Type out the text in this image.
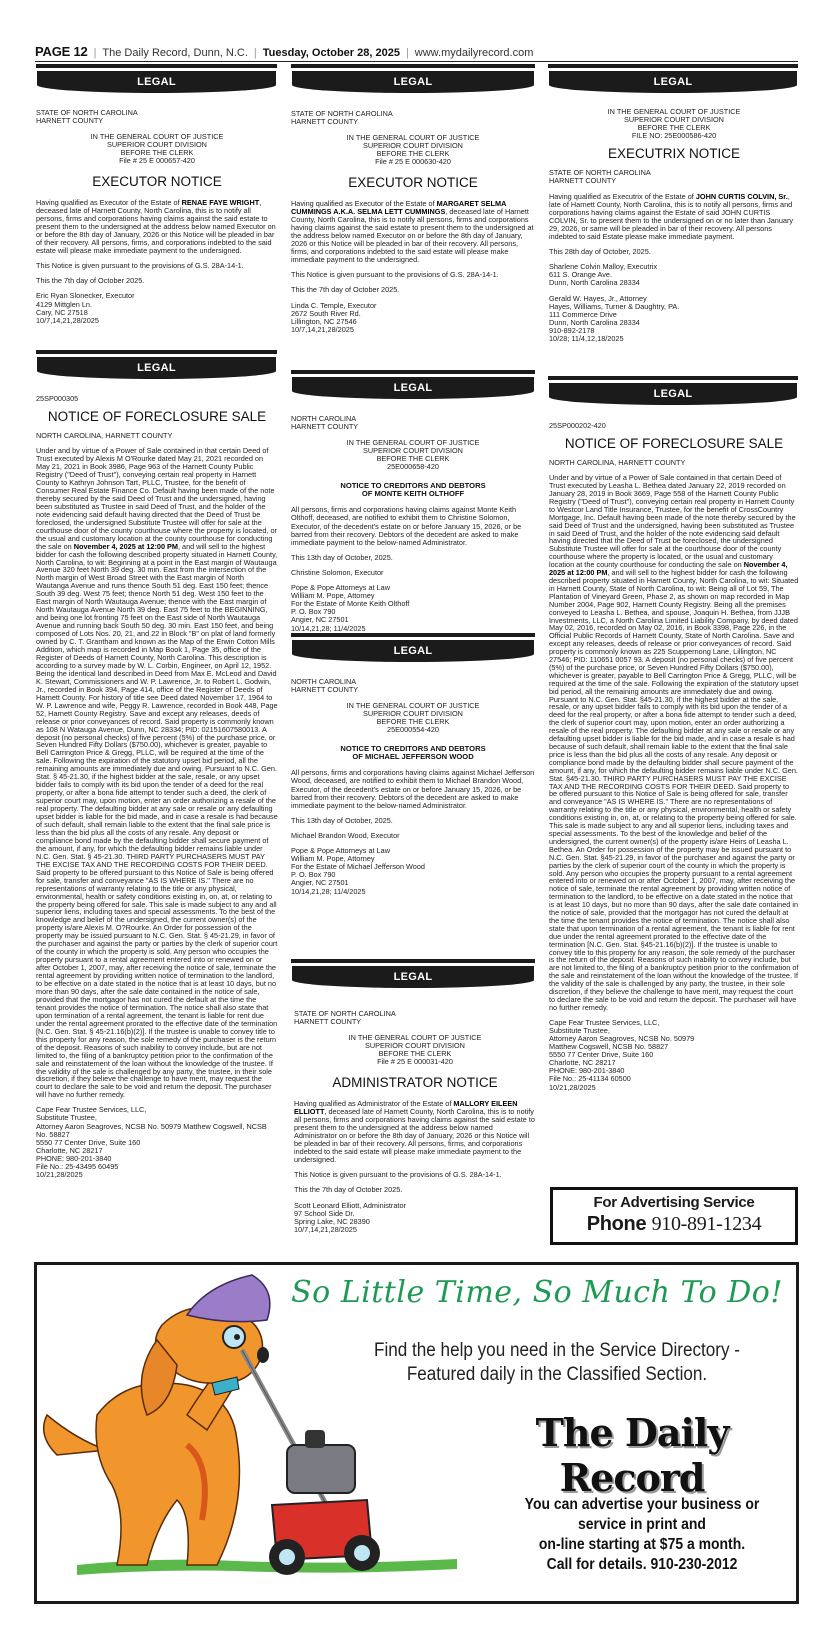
PAGE 12 | The Daily Record, Dunn, N.C. | Tuesday, October 28, 2025 | www.mydailyrecord.com
LEGAL	LEGAL	LEGAL
LEGAL
LEGAL
LEGAL
LEGAL
LEGAL
STATE OF NORTH CAROLINA
HARNETT COUNTY
IN THE GENERAL COURT OF JUSTICE
SUPERIOR COURT DIVISION
BEFORE THE CLERK
File # 25 E 000657-420
EXECUTOR NOTICE

Having qualified as Executor of the Estate of RENAE FAYE WRIGHT, deceased late of Harnett County, North Carolina, this is to notify all persons, firms and corporations having claims against the said estate to present them to the undersigned at the address below named Executor on or before the 8th day of January, 2026 or this Notice will be pleaded in bar of their recovery. All persons, firms, and corporations indebted to the said estate will please make immediate payment to the undersigned.

This Notice is given pursuant to the provisions of G.S. 28A-14-1.

This the 7th day of October 2025.

Eric Ryan Slonecker, Executor
4129 Mittglen Ln.
Cary, NC 27518
10/7,14,21,28/2025
25SP000305
NOTICE OF FORECLOSURE SALE

NORTH CAROLINA, HARNETT COUNTY

Under and by virtue of a Power of Sale contained in that certain Deed of Trust executed by Alexis M O'Rourke dated May 21, 2021 recorded on May 21, 2021 in Book 3986, Page 963 of the Harnett County Public Registry ("Deed of Trust"), conveying certain real property in Harnett County to Kathryn Johnson Tart, PLLC, Trustee, for the benefit of Consumer Real Estate Finance Co. Default having been made of the note thereby secured by the said Deed of Trust and the undersigned, having been substituted as Trustee in said Deed of Trust, and the holder of the note evidencing said default having directed that the Deed of Trust be foreclosed, the undersigned Substitute Trustee will offer for sale at the courthouse door of the county courthouse where the property is located, or the usual and customary location at the county courthouse for conducting the sale on November 4, 2025 at 12:00 PM, and will sell to the highest bidder for cash the following described property situated in Harnett County, North Carolina, to wit: Beginning at a point in the East margin of Wautauga Avenue 320 feet North 39 deg. 30 min. East from the intersection of the North margin of West Broad Street with the East margin of North Wautanga Avenue and runs thence South 51 deg. East 150 feet; thence South 39 deg. West 75 feet; thence North 51 deg. West 150 feet to the East margin of North Wautauga Avenue; thence with the East margin of North Wautauga Avenue North 39 deg. East 75 feet to the BEGINNING, and being one lot fronting 75 feet on the East side of North Wautauga Avenue and running back South 50 deg. 30 min. East 150 feet, and being composed of Lots Nos. 20, 21, and 22 in Block "B" on plat of land formerly owned by C. T. Grantham and known as the Map of the Erwin Cotton Mills Addition, which map is recorded in Map Book 1, Page 35, office of the Register of Deeds of Harnett County, North Carolina. This description is according to a survey made by W. L. Corbin, Engineer, on April 12, 1952. Being the identical land described in Deed from Max E. McLeod and David K. Stewart, Commissioners and W. P. Lawrence, Jr. to Robert L. Godwin, Jr., recorded in Book 394, Page 414, office of the Register of Deeds of Harnett County. For history of title see Deed dated November 17, 1964 to W. P. Lawrence and wife, Peggy R. Lawrence, recorded in Book 448, Page 52, Harnett County Registry. Save and except any releases, deeds of release or prior conveyances of record. Said property is commonly known as 108 N Wataugа Avenue, Dunn, NC 28334; PID: 02151607580013. A deposit (no personal checks) of five percent (5%) of the purchase price, or Seven Hundred Fifty Dollars ($750.00), whichever is greater, payable to Bell Carrington Price & Gregg, PLLC, will be required at the time of the sale. Following the expiration of the statutory upset bid period, all the remaining amounts are immediately due and owing. Pursuant to N.C. Gen. Stat. § 45-21.30, if the highest bidder at the sale, resale, or any upset bidder fails to comply with its bid upon the tender of a deed for the real property, or after a bona fide attempt to tender such a deed, the clerk of superior court may, upon motion, enter an order authorizing a resale of the real property. The defaulting bidder at any sale or resale or any defaulting upset bidder is liable for the bid made, and in case a resale is had because of such default, shall remain liable to the extent that the final sale price is less than the bid plus all the costs of any resale. Any deposit or compliance bond made by the defaulting bidder shall secure payment of the amount, if any, for which the defaulting bidder remains liable under N.C. Gen. Stat. § 45-21.30. THIRD PARTY PURCHASERS MUST PAY THE EXCISE TAX AND THE RECORDING COSTS FOR THEIR DEED. Said property to be offered pursuant to this Notice of Sale is being offered for sale, transfer and conveyance "AS IS WHERE IS." There are no representations of warranty relating to the title or any physical, environmental, health or safety conditions existing in, on, at, or relating to the property being offered for sale. This sale is made subject to any and all superior liens, including taxes and special assessments. To the best of the knowledge and belief of the undersigned, the current owner(s) of the property is/are Alexis M. O?Rourke. An Order for possession of the property may be issued pursuant to N.C. Gen. Stat. § 45-21.29, in favor of the purchaser and against the party or parties by the clerk of superior court of the county in which the property is sold. Any person who occupies the property pursuant to a rental agreement entered into or renewed on or after October 1, 2007, may, after receiving the notice of sale, terminate the rental agreement by providing written notice of termination to the landlord, to be effective on a date stated in the notice that is at least 10 days, but no more than 90 days, after the sale date contained in the notice of sale, provided that the mortgagor has not cured the default at the time the tenant provides the notice of termination. The notice shall also state that upon termination of a rental agreement, the tenant is liable for rent due under the rental agreement prorated to the effective date of the termination [N.C. Gen. Stat. § 45-21.16(b)(2)]. If the trustee is unable to convey title to this property for any reason, the sole remedy of the purchaser is the return of the deposit. Reasons of such inability to convey include, but are not limited to, the filing of a bankruptcy petition prior to the confirmation of the sale and reinstatement of the loan without the knowledge of the trustee. If the validity of the sale is challenged by any party, the trustee, in their sole discretion, if they believe the challenge to have merit, may request the court to declare the sale to be void and return the deposit. The purchaser will have no further remedy.

Cape Fear Trustee Services, LLC,
Substitute Trustee,
Attorney Aaron Seagroves, NCSB No. 50979 Matthew Cogswell, NCSB No. 58827
5550 77 Center Drive, Suite 160
Charlotte, NC 28217
PHONE: 980-201-3840
File No.: 25-43495 60495
10/21,28/2025
STATE OF NORTH CAROLINA
HARNETT COUNTY
IN THE GENERAL COURT OF JUSTICE
SUPERIOR COURT DIVISION
BEFORE THE CLERK
File # 25 E 000630-420
EXECUTOR NOTICE

Having qualified as Executor of the Estate of MARGARET SELMA CUMMINGS A.K.A. SELMA LETT CUMMINGS, deceased late of Harnett County, North Carolina, this is to notify all persons, firms and corporations having claims against the said estate to present them to the undersigned at the address below named Executor on or before the 8th day of January, 2026 or this Notice will be pleaded in bar of their recovery. All persons, firms, and corporations indebted to the said estate will please make immediate payment to the undersigned.

This Notice is given pursuant to the provisions of G.S. 28A-14-1.

This the 7th day of October 2025.

Linda C. Temple, Executor
2672 South River Rd.
Lillington, NC 27546
10/7,14,21,28/2025
NORTH CAROLINA
HARNETT COUNTY
IN THE GENERAL COURT OF JUSTICE
SUPERIOR COURT DIVISION
BEFORE THE CLERK
25E000658-420
NOTICE TO CREDITORS AND DEBTORS
OF MONTE KEITH OLTHOFF

All persons, firms and corporations having claims against Monte Keith Olthoff, deceased, are notified to exhibit them to Christine Solomon, Executor, of the decedent's estate on or before January 15, 2026, or be barred from their recovery. Debtors of the decedent are asked to make immediate payment to the below-named Administrator.

This 13th day of October, 2025.

Christine Solomon, Executor

Pope & Pope Attorneys at Law
William M. Pope, Attorney
For the Estate of Monte Keith Olthoff
P. O. Box 790
Angier, NC 27501
10/14,21,28; 11/4/2025
NORTH CAROLINA
HARNETT COUNTY
IN THE GENERAL COURT OF JUSTICE
SUPERIOR COURT DIVISION
BEFORE THE CLERK
25E000554-420
NOTICE TO CREDITORS AND DEBTORS
OF MICHAEL JEFFERSON WOOD

All persons, firms and corporations having claims against Michael Jefferson Wood, deceased, are notified to exhibit them to Michael Brandon Wood, Executor, of the decedent's estate on or before January 15, 2026, or be barred from their recovery. Debtors of the decedent are asked to make immediate payment to the below-named Administrator.

This 13th day of October, 2025.

Michael Brandon Wood, Executor

Pope & Pope Attorneys at Law
William M. Pope, Attorney
For the Estate of Michael Jefferson Wood
P. O. Box 790
Angier, NC 27501
10/14,21,28; 11/4/2025
STATE OF NORTH CAROLINA
HARNETT COUNTY
IN THE GENERAL COURT OF JUSTICE
SUPERIOR COURT DIVISION
BEFORE THE CLERK
File # 25 E 000031-420
ADMINISTRATOR NOTICE

Having qualified as Administrator of the Estate of MALLORY EILEEN ELLIOTT, deceased late of Harnett County, North Carolina, this is to notify all persons, firms and corporations having claims against the said estate to present them to the undersigned at the address below named Administrator on or before the 8th day of January, 2026 or this Notice will be pleaded in bar of their recovery. All persons, firms, and corporations indebted to the said estate will please make immediate payment to the undersigned.

This Notice is given pursuant to the provisions of G.S. 28A-14-1.

This the 7th day of October 2025.

Scott Leonard Elliott, Administrator
97 School Side Dr.
Spring Lake, NC 28390
10/7,14,21,28/2025
IN THE GENERAL COURT OF JUSTICE
SUPERIOR COURT DIVISION
BEFORE THE CLERK
FILE NO: 25E000586-420
EXECUTRIX NOTICE
STATE OF NORTH CAROLINA

HARNETT COUNTY

Having qualified as Executrix of the Estate of JOHN CURTIS COLVIN, Sr., late of Harnett County, North Carolina, this is to notify all persons, firms and corporations having claims against the Estate of said JOHN CURTIS COLVIN, Sr. to present them to the undersigned on or no later than January 29, 2026, or same will be pleaded in bar of their recovery. All persons indebted to said Estate please make immediate payment.

This 28th day of October, 2025.

Sharlene Colvin Malloy, Executrix
611 S. Orange Ave.

Dunn, North Carolina 28334

Gerald W. Hayes, Jr., Attorney
Hayes, Williams, Turner & Daughtry, PA.
111 Commerce Drive
Dunn, North Carolina 28334
910-892-2178
10/28; 11/4,12,18/2025
25SP000202-420
NOTICE OF FORECLOSURE SALE

NORTH CAROLINA, HARNETT COUNTY

Under and by virtue of a Power of Sale contained in that certain Deed of Trust executed by Leasha L. Bethea dated January 22, 2019 recorded on January 28, 2019 in Book 3669, Page 558 of the Harnett County Public Registry ("Deed of Trust"), conveying certain real property in Harnett County to Westcor Land Title Insurance, Trustee, for the benefit of CrossCountry Mortgage, Inc. Default having been made of the note thereby secured by the said Deed of Trust and the undersigned, having been substituted as Trustee in said Deed of Trust, and the holder of the note evidencing said default having directed that the Deed of Trust be foreclosed, the undersigned Substitute Trustee will offer for sale at the courthouse door of the county courthouse where the property is located, or the usual and customary location at the county courthouse for conducting the sale on November 4, 2025 at 12:00 PM, and will sell to the highest bidder for cash the following described property situated in Harnett County, North Carolina, to wit: Situated in Harnett County, State of North Carolina, to wit: Being all of Lot 59, The Plantation of Vineyard Green, Phase 2, as shown on map recorded in Map Number 2004, Page 902, Harnett County Registry. Being all the premises conveyed to Leasha L. Bethea, and spouse, Joaquin H. Bethea, from JJJB Investments, LLC, a North Carolina Limited Liability Company, by deed dated May 02, 2016, recorded on May 02, 2016, in Book 3398, Page 226, in the Official Public Records of Harnett County, State of North Carolina. Save and except any releases, deeds of release or prior conveyances of record. Said property is commonly known as 225 Scuppernong Lane, Lillington, NC 27546; PID: 110651 0057 93. A deposit (no personal checks) of five percent (5%) of the purchase price, or Seven Hundred Fifty Dollars ($750.00), whichever is greater, payable to Bell Carrington Price & Gregg, PLLC, will be required at the time of the sale. Following the expiration of the statutory upset bid period, all the remaining amounts are immediately due and owing. Pursuant to N.C. Gen. Stat. §45-21.30, if the highest bidder at the sale, resale, or any upset bidder fails to comply with its bid upon the tender of a deed for the real property, or after a bona fide attempt to tender such a deed, the clerk of superior court may, upon motion, enter an order authorizing a resale of the real property. The defaulting bidder at any sale or resale or any defaulting upset bidder is liable for the bid made, and in case a resale is had because of such default, shall remain liable to the extent that the final sale price is less than the bid plus all the costs of any resale. Any deposit or compliance bond made by the defaulting bidder shall secure payment of the amount, if any, for which the defaulting bidder remains liable under N.C. Gen. Stat. §45-21.30. THIRD PARTY PURCHASERS MUST PAY THE EXCISE TAX AND THE RECORDING COSTS FOR THEIR DEED. Said property to be offered pursuant to this Notice of Sale is being offered for sale, transfer and conveyance "AS IS WHERE IS." There are no representations of warranty relating to the title or any physical, environmental, health or safety conditions existing in, on, at, or relating to the property being offered for sale. This sale is made subject to any and all superior liens, including taxes and special assessments. To the best of the knowledge and belief of the undersigned, the current owner(s) of the property is/are Heirs of Leasha L. Bethea. An Order for possession of the property may be issued pursuant to N.C. Gen. Stat. §45-21.29, in favor of the purchaser and against the party or parties by the clerk of superior court of the county in which the property is sold. Any person who occupies the property pursuant to a rental agreement entered into or renewed on or after October 1, 2007, may, after receiving the notice of sale, terminate the rental agreement by providing written notice of termination to the landlord, to be effective on a date stated in the notice that is at least 10 days, but no more than 90 days, after the sale date contained in the notice of sale, provided that the mortgagor has not cured the default at the time the tenant provides the notice of termination. The notice shall also state that upon termination of a rental agreement, the tenant is liable for rent due under the rental agreement prorated to the effective date of the termination [N.C. Gen. Stat. §45-21.16(b)(2)]. If the trustee is unable to convey title to this property for any reason, the sole remedy of the purchaser is the return of the deposit. Reasons of such inability to convey include, but are not limited to, the filing of a bankruptcy petition prior to the confirmation of the sale and reinstatement of the loan without the knowledge of the trustee. If the validity of the sale is challenged by any party, the trustee, in their sole discretion, if they believe the challenge to have merit, may request the court to declare the sale to be void and return the deposit. The purchaser will have no further remedy.

Cape Fear Trustee Services, LLC,
Substitute Trustee,
Attorney Aaron Seagroves, NCSB No. 50979
Matthew Cogswell, NCSB No. 58827
5550 77 Center Drive, Suite 160
Charlotte, NC 28217
PHONE: 980-201-3840
File No.: 25-41134 60500
10/21,28/2025
For Advertising Service
Phone 910-891-1234
So Little Time, So Much To Do!
Find the help you need in the Service Directory -
Featured daily in the Classified Section.
The Daily Record
You can advertise your business or
service in print and
on-line starting at $75 a month.
Call for details. 910-230-2012
